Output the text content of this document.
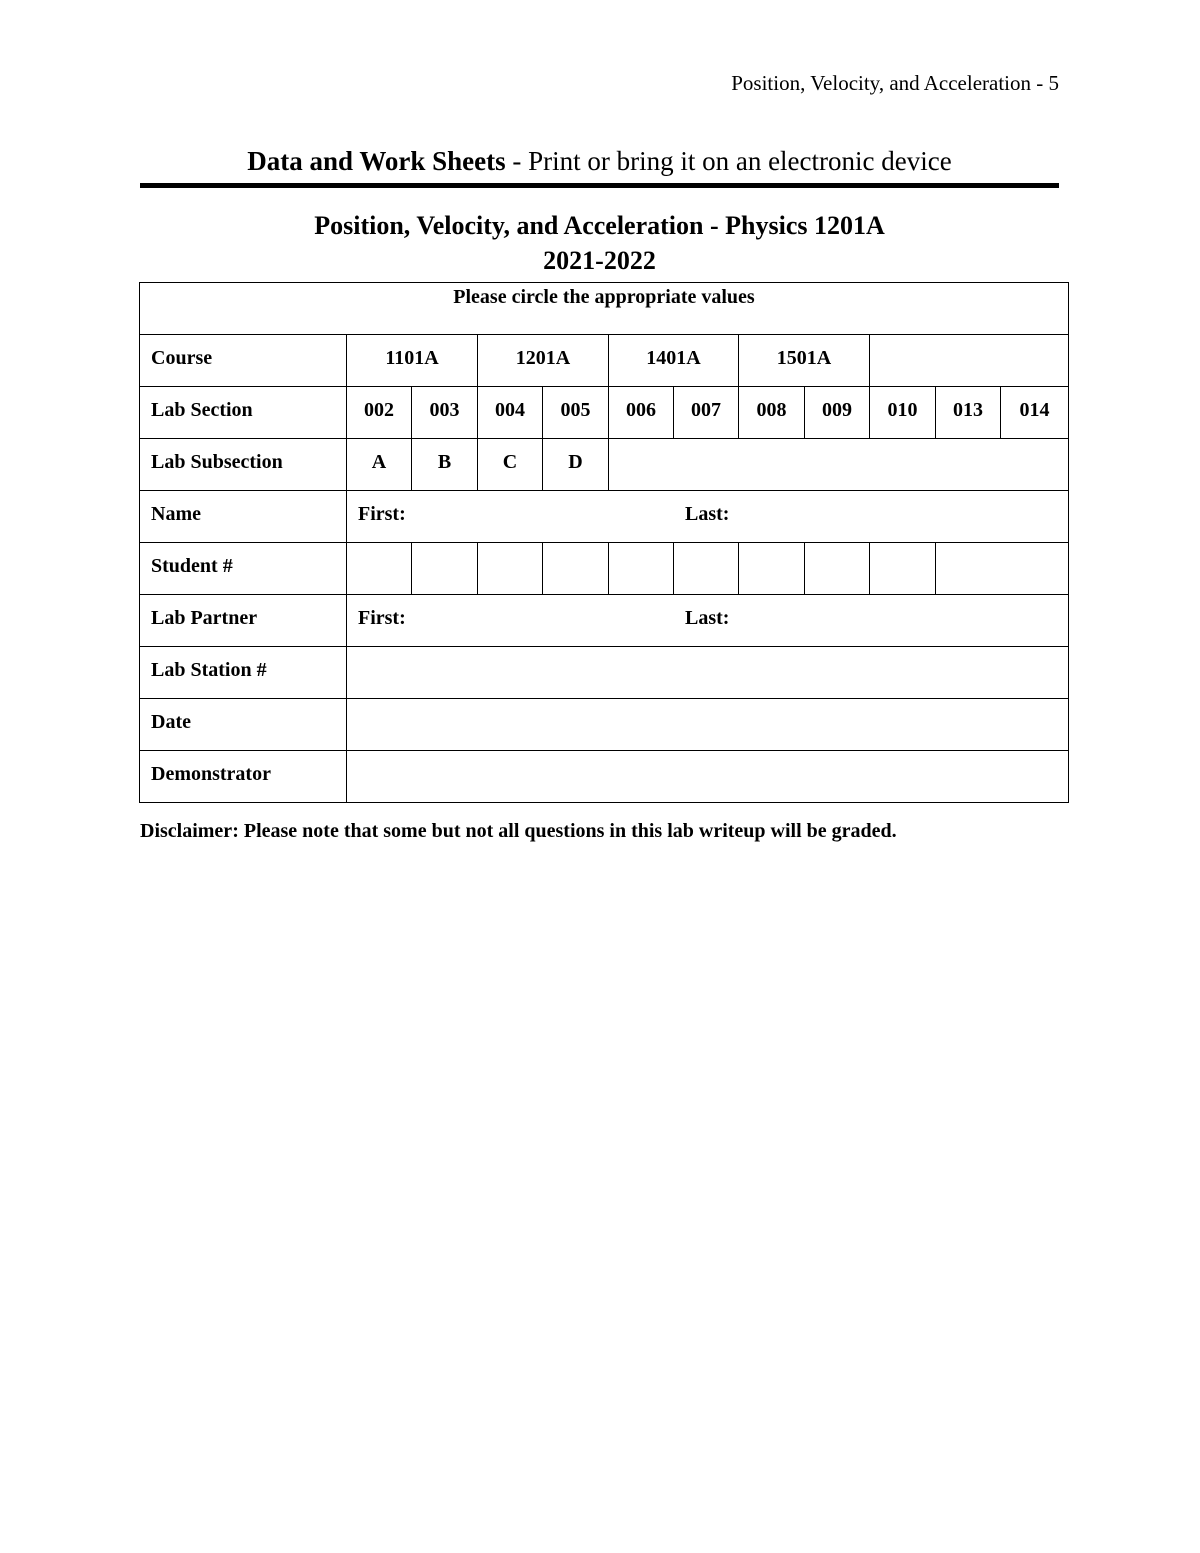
Position, Velocity, and Acceleration - 5
Data and Work Sheets - Print or bring it on an electronic device
Position, Velocity, and Acceleration - Physics 1201A
2021-2022
Please circle the appropriate values											

Course	1101A		1201A		1401A		1501A				

Lab Section	002	003	004	005	006	007	008	009	010	013	014

Lab Subsection	A	B	C	D							

Name	First: Last:										

Student #											

Lab Partner	First: Last:										

Lab Station #											

Date											

Demonstrator											

Disclaimer: Please note that some but not all questions in this lab writeup will be graded.
